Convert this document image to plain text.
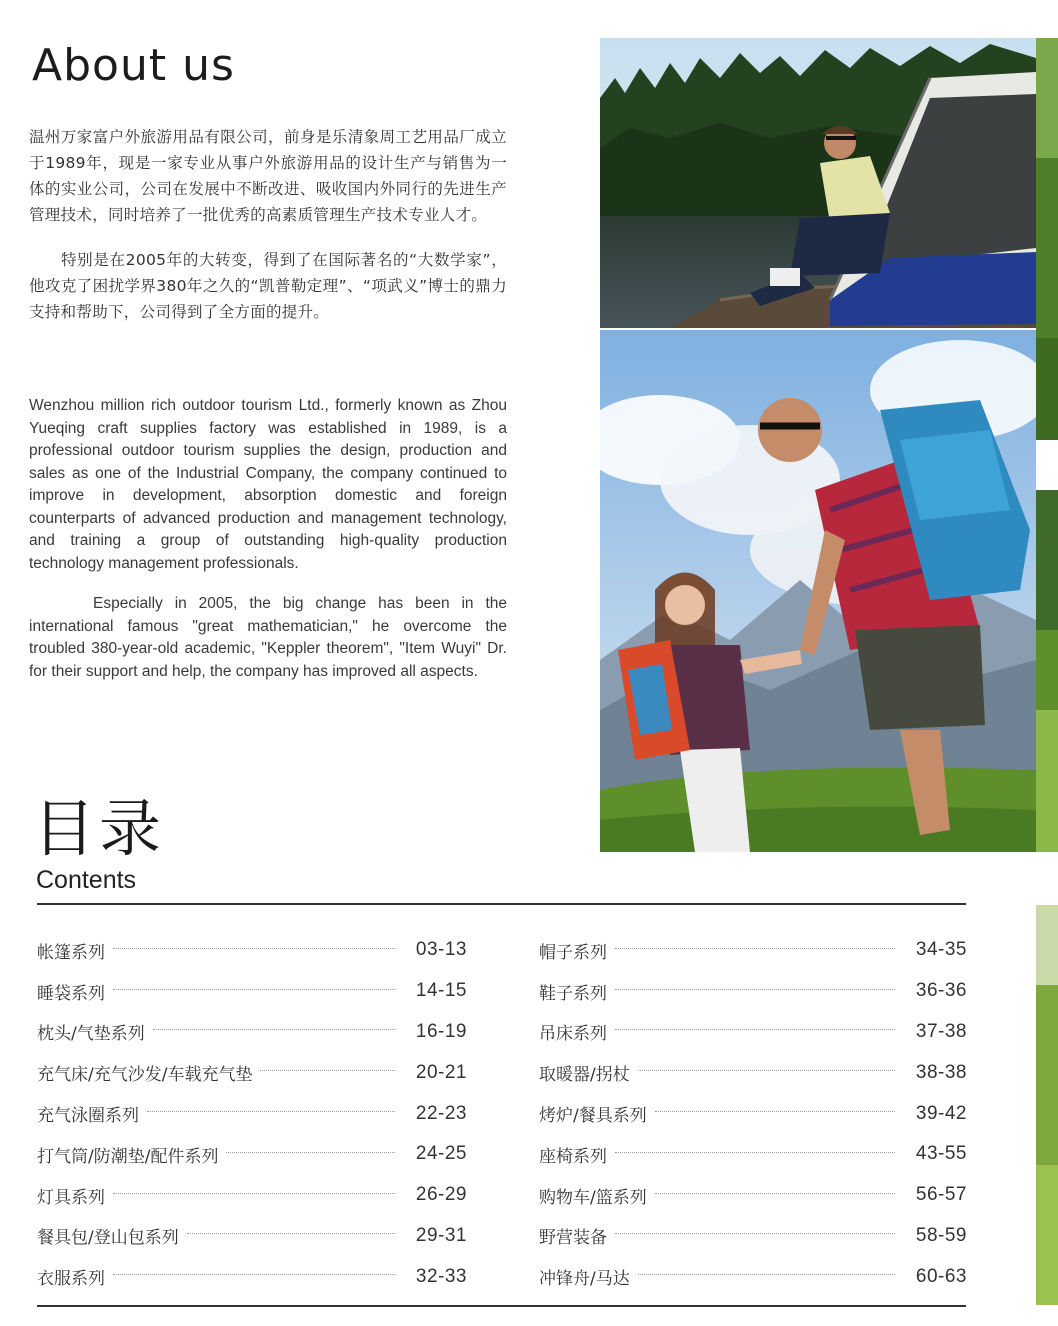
About us

温州万家富户外旅游用品有限公司，前身是乐清象周工艺用品厂成立于1989年，现是一家专业从事户外旅游用品的设计生产与销售为一体的实业公司，公司在发展中不断改进、吸收国内外同行的先进生产管理技术，同时培养了一批优秀的高素质管理生产技术专业人才。

特别是在2005年的大转变，得到了在国际著名的“大数学家”，他攻克了困扰学界380年之久的“凯普勒定理”、“项武义”博士的鼎力支持和帮助下，公司得到了全方面的提升。

Wenzhou million rich outdoor tourism Ltd., formerly known as Zhou Yueqing craft supplies factory was established in 1989, is a professional outdoor tourism supplies the design, production and sales as one of the Industrial Company, the company continued to improve in development, absorption domestic and foreign counterparts of advanced production and management technology, and training a group of outstanding high-quality production technology management professionals.

Especially in 2005, the big change has been in the international famous "great mathematician," he overcome the troubled 380-year-old academic, "Keppler theorem", "Item Wuyi" Dr. for their support and help, the company has improved all aspects.

目录
Contents
帐篷系列	03-13
睡袋系列	14-15
枕头/气垫系列	16-19
充气床/充气沙发/车载充气垫	20-21
充气泳圈系列	22-23
打气筒/防潮垫/配件系列	24-25
灯具系列	26-29
餐具包/登山包系列	29-31
衣服系列	32-33
帽子系列	34-35
鞋子系列	36-36
吊床系列	37-38
取暖器/拐杖	38-38
烤炉/餐具系列	39-42
座椅系列	43-55
购物车/篮系列	56-57
野营装备	58-59
冲锋舟/马达	60-63
